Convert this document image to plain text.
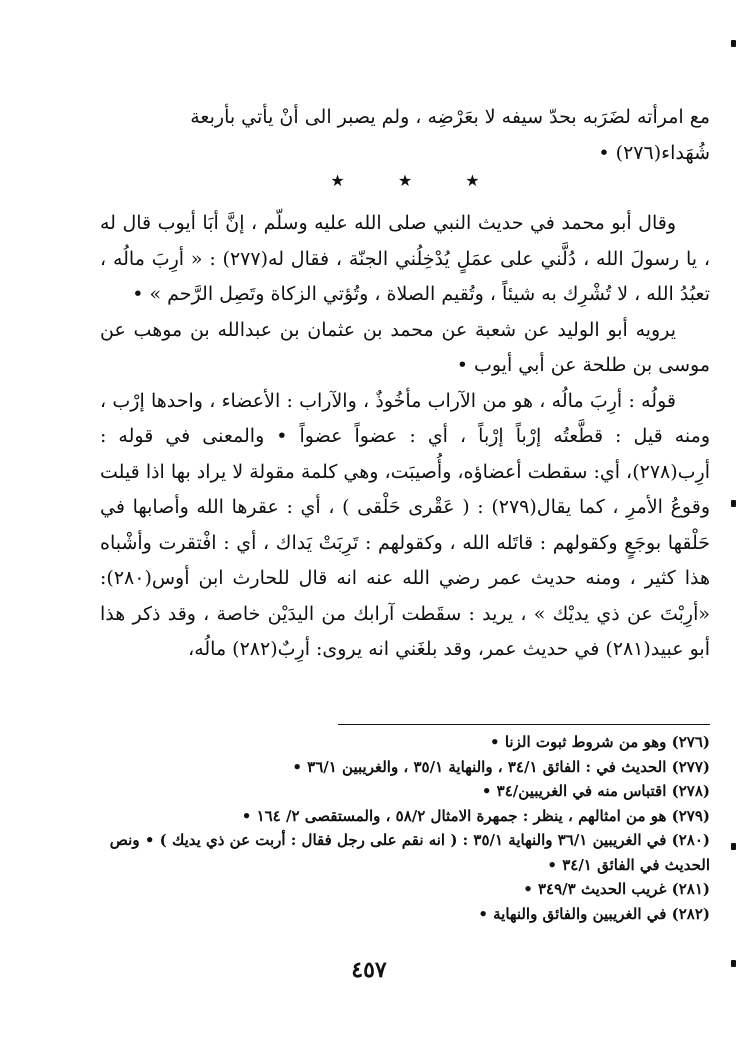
مع امرأته لضَرَبه بحدّ سيفه لا بعَرْضِه ، ولم يصبر الى أنْ يأتي بأربعة

شُهَداء(٢٧٦) •

وقال أبو محمد في حديث النبي صلى الله عليه وسلّم ، إنَّ أبَا أيوب قال له ، يا رسولَ الله ، دُلَّني على عمَلٍ يُدْخِلُني الجنّة ، فقال له(٢٧٧) : « أرِبَ مالُه ، تعبُدُ الله ، لا تُشْرِك به شيئاً ، وتُقيم الصلاة ، وتُؤتي الزكاة وتَصِل الرَّحم » •

يرويه أبو الوليد عن شعبة عن محمد بن عثمان بن عبدالله بن موهب عن موسى بن طلحة عن أبي أيوب •

قولُه : أرِبَ مالُه ، هو من الآراب مأخُوذٌ ، والآراب : الأعضاء ، واحدها إرْب ، ومنه قيل : قطَّعتُه إرْباً إرْباً ، أي : عضواً عضواً • والمعنى في قوله : أرِب(٢٧٨)، أي: سقطت أعضاؤه، وأُصيبَت، وهي كلمة مقولة لا يراد بها اذا قيلت وقوعُ الأمرِ ، كما يقال(٢٧٩) : ( عَقْرى حَلْقى ) ، أي : عقرها الله وأصابها في حَلْقها بوجَعٍ وكقولهم : قاتَله الله ، وكقولهم : تَرِبَتْ يَداك ، أي : افْتقرت وأشْباه هذا كثير ، ومنه حديث عمر رضي الله عنه انه قال للحارث ابن أوس(٢٨٠): «أرِبْتَ عن ذي يديْك » ، يريد : سقَطت آرابك من اليدَيْن خاصة ، وقد ذكر هذا أبو عبيد(٢٨١) في حديث عمر، وقد بلغَني انه يروى: أرِبٌ(٢٨٢) مالُه،

★	★	★
(٢٧٦) وهو من شروط ثبوت الزنا •
(٢٧٧) الحديث في : الفائق ٣٤/١ ، والنهاية ٣٥/١ ، والغريبين ٣٦/١ •
(٢٧٨) اقتباس منه في الغريبين/٣٤ •
(٢٧٩) هو من امثالهم ، ينظر : جمهرة الامثال ٥٨/٢ ، والمستقصى ٢/ ١٦٤ •
(٢٨٠) في الغريبين ٣٦/١ والنهاية ٣٥/١ : ( انه نقم على رجل فقال : أربت عن ذي يديك ) • ونص الحديث في الفائق ٣٤/١ •
(٢٨١) غريب الحديث ٣٤٩/٣ •
(٢٨٢) في الغريبين والفائق والنهاية •
٤٥٧
